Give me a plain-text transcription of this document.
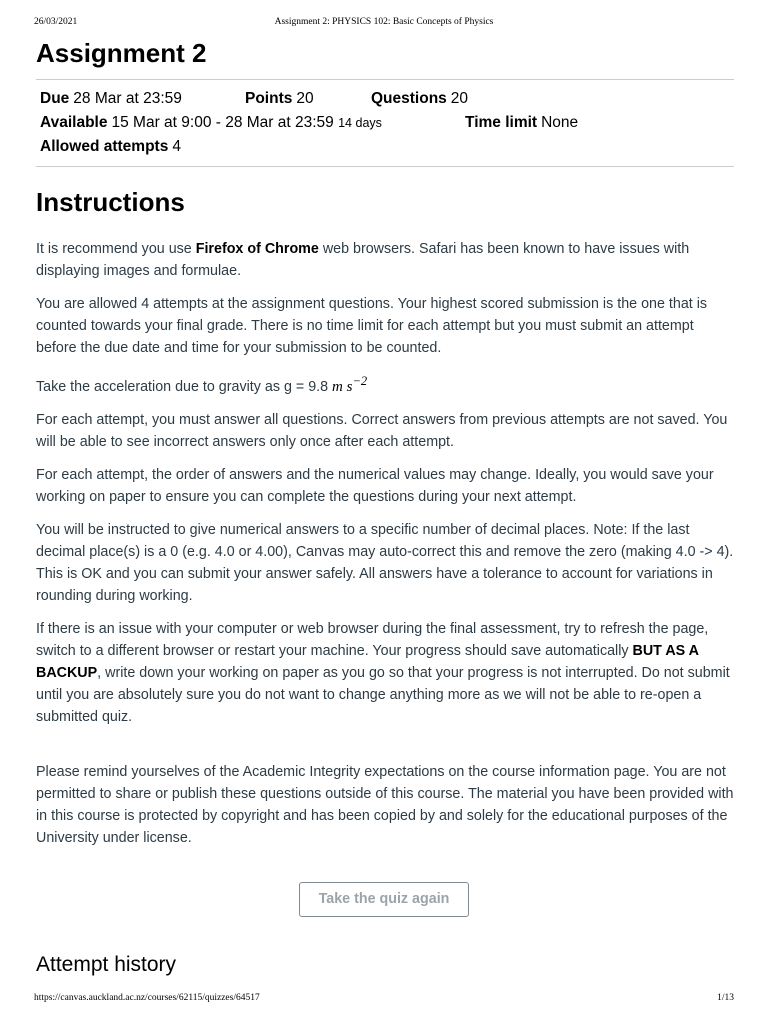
26/03/2021	Assignment 2: PHYSICS 102: Basic Concepts of Physics
Assignment 2
Due 28 Mar at 23:59	Points 20	Questions 20
Available 15 Mar at 9:00 - 28 Mar at 23:59 14 days	Time limit None
Allowed attempts 4
Instructions

It is recommend you use Firefox of Chrome web browsers. Safari has been known to have issues with displaying images and formulae.

You are allowed 4 attempts at the assignment questions. Your highest scored submission is the one that is counted towards your final grade. There is no time limit for each attempt but you must submit an attempt before the due date and time for your submission to be counted.

Take the acceleration due to gravity as g = 9.8 m $s^{-2}$

For each attempt, you must answer all questions. Correct answers from previous attempts are not saved. You will be able to see incorrect answers only once after each attempt.

For each attempt, the order of answers and the numerical values may change. Ideally, you would save your working on paper to ensure you can complete the questions during your next attempt.

You will be instructed to give numerical answers to a specific number of decimal places. Note: If the last decimal place(s) is a 0 (e.g. 4.0 or 4.00), Canvas may auto-correct this and remove the zero (making 4.0 -> 4). This is OK and you can submit your answer safely. All answers have a tolerance to account for variations in rounding during working.

If there is an issue with your computer or web browser during the final assessment, try to refresh the page, switch to a different browser or restart your machine. Your progress should save automatically BUT AS A BACKUP, write down your working on paper as you go so that your progress is not interrupted. Do not submit until you are absolutely sure you do not want to change anything more as we will not be able to re-open a submitted quiz.

Please remind yourselves of the Academic Integrity expectations on the course information page. You are not permitted to share or publish these questions outside of this course. The material you have been provided with in this course is protected by copyright and has been copied by and solely for the educational purposes of the University under license.

Take the quiz again
Attempt history
https://canvas.auckland.ac.nz/courses/62115/quizzes/64517	1/13
